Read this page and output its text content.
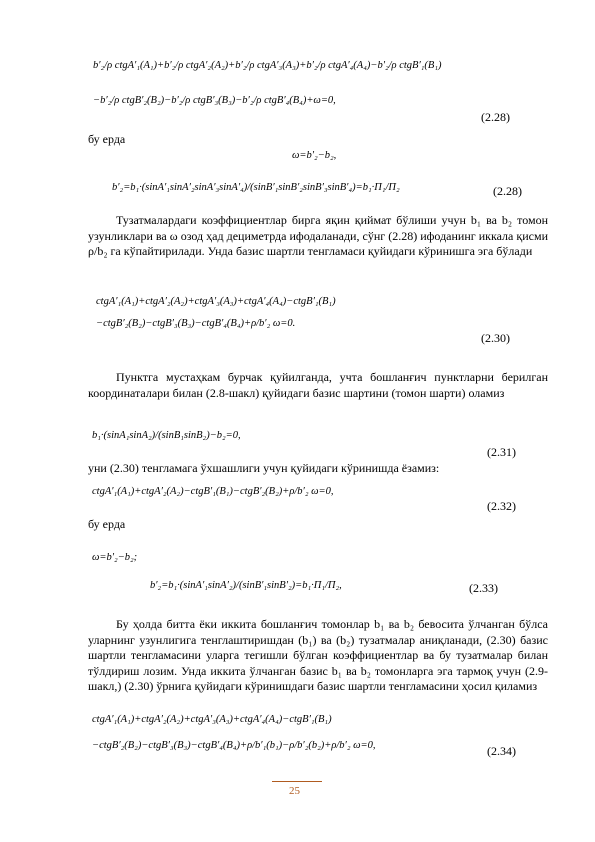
b′₂/ρ ctgA′₁(A₁)+b′₂/ρ ctgA′₂(A₂)+b′₂/ρ ctgA′₃(A₃)+b′₂/ρ ctgA′₄(A₄)−b′₂/ρ ctgB′₁(B₁)
−b′₂/ρ ctgB′₂(B₂)−b′₂/ρ ctgB′₃(B₃)−b′₂/ρ ctgB′₄(B₄)+ω=0,
(2.28)
бу ерда
ω=b′₂−b₂,
b′₂=b₁·(sinA′₁sinA′₂sinA′₃sinA′₄)/(sinB′₁sinB′₂sinB′₃sinB′₄)=b₁·П₁/П₂	(2.28)
Тузатмалардаги коэффициентлар бирга яқин қиймат бўлиши учун b₁ ва b₂ томон узунликлари ва ω озод ҳад дециметрда ифодаланади, сўнг (2.28) ифоданинг иккала қисми ρ/b₂ га кўпайтирилади. Унда базис шартли тенгламаси қуйидаги кўринишга эга бўлади
ctgA′₁(A₁)+ctgA′₂(A₂)+ctgA′₃(A₃)+ctgA′₄(A₄)−ctgB′₁(B₁)
−ctgB′₂(B₂)−ctgB′₃(B₃)−ctgB′₄(B₄)+ρ/b′₂ ω=0.
(2.30)
Пунктга мустаҳкам бурчак қуйилганда, учта бошланғич пунктларни берилган координаталари билан (2.8-шакл) қуйидаги базис шартини (томон шарти) оламиз
b₁·(sinA₁sinA₂)/(sinB₁sinB₂)−b₂=0,
(2.31)
уни (2.30) тенгламага ўхшашлиги учун қуйидаги кўринишда ёзамиз:
ctgA′₁(A₁)+ctgA′₂(A₂)−ctgB′₁(B₁)−ctgB′₂(B₂)+ρ/b′₂ ω=0,
(2.32)
бу ерда
ω=b′₂−b₂;
b′₂=b₁·(sinA′₁sinA′₂)/(sinB′₁sinB′₂)=b₁·П₁/П₂,	(2.33)
Бу ҳолда битта ёки иккита бошланғич томонлар b₁ ва b₂ бевосита ўлчанган бўлса уларнинг узунлигига тенглаштиришдан (b₁) ва (b₂) тузатмалар аниқланади, (2.30) базис шартли тенгламасини уларга тегишли бўлган коэффициентлар ва бу тузатмалар билан тўлдириш лозим. Унда иккита ўлчанган базис b₁ ва b₂ томонларга эга тармоқ учун (2.9-шакл,) (2.30) ўрнига қуйидаги кўринишдаги базис шартли тенгламасини ҳосил қиламиз
ctgA′₁(A₁)+ctgA′₂(A₂)+ctgA′₃(A₃)+ctgA′₄(A₄)−ctgB′₁(B₁)
−ctgB′₂(B₂)−ctgB′₃(B₃)−ctgB′₄(B₄)+ρ/b′₁(b₁)−ρ/b′₂(b₂)+ρ/b′₂ ω=0,	(2.34)
25
